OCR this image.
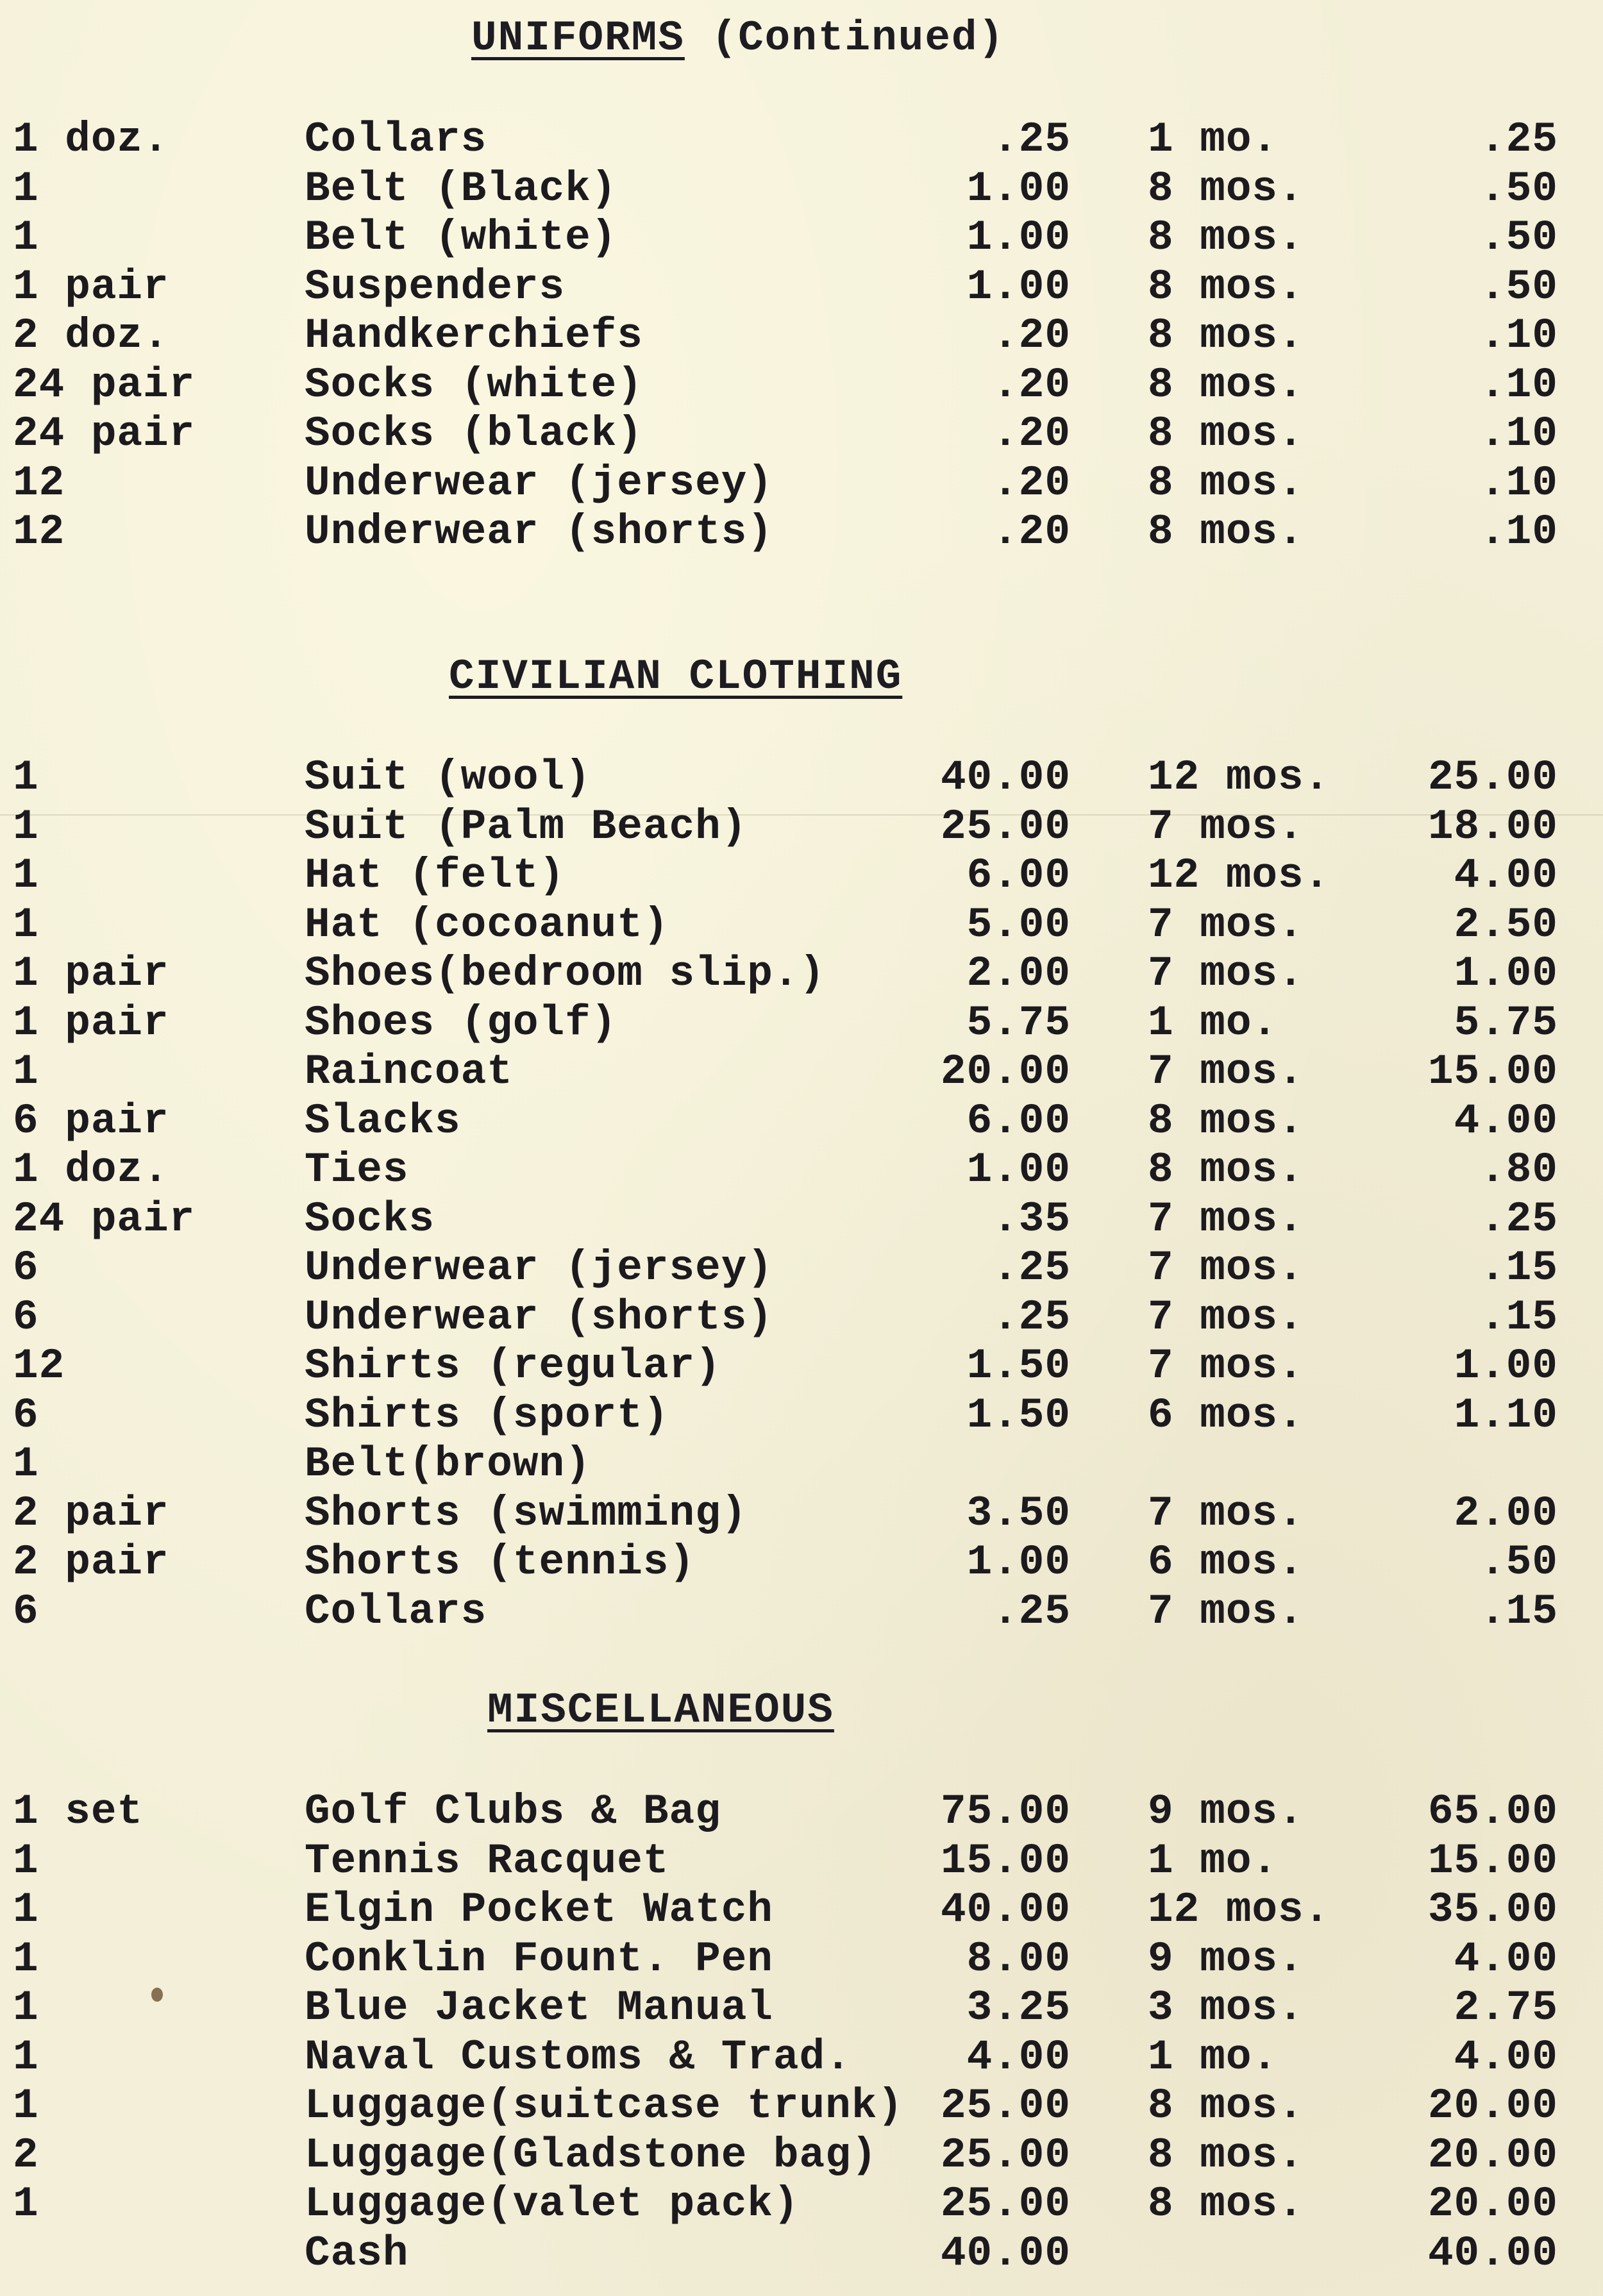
UNIFORMS (Continued)
1 doz.	Collars	.25 1 mo.	.25
1	Belt (Black)	1.00 8 mos.	.50
1	Belt (white)	1.00 8 mos.	.50
1 pair	Suspenders	1.00 8 mos.	.50
2 doz.	Handkerchiefs	.20 8 mos.	.10
24 pair	Socks (white)	.20 8 mos.	.10
24 pair	Socks (black)	.20 8 mos.	.10
12	Underwear (jersey)	.20 8 mos.	.10
12	Underwear (shorts)	.20 8 mos.	.10
CIVILIAN CLOTHING
1	Suit (wool)	40.00 12 mos. 25.00
1	Suit (Palm Beach)	25.00 7 mos.	18.00
1	Hat (felt)	6.00 12 mos.	4.00
1	Hat (cocoanut)	5.00 7 mos.	2.50
1 pair	Shoes(bedroom slip.)	2.00 7 mos.	1.00
1 pair	Shoes (golf)	5.75 1 mo.	5.75
1	Raincoat	20.00 7 mos.	15.00
6 pair	Slacks	6.00 8 mos.	4.00
1 doz.	Ties	1.00 8 mos.	.80
24 pair	Socks	.35 7 mos.	.25
6	Underwear (jersey)	.25 7 mos.	.15
6	Underwear (shorts)	.25 7 mos.	.15
12	Shirts (regular)	1.50 7 mos.	1.00
6	Shirts (sport)	1.50 6 mos.	1.10
1	Belt(brown)
2 pair	Shorts (swimming)	3.50 7 mos.	2.00
2 pair	Shorts (tennis)	1.00 6 mos.	.50
6	Collars	.25 7 mos.	.15
MISCELLANEOUS
1 set	Golf Clubs & Bag	75.00 9 mos.	65.00
1	Tennis Racquet	15.00 1 mo.	15.00
1	Elgin Pocket Watch	40.00 12 mos. 35.00
1	Conklin Fount. Pen	8.00 9 mos.	4.00
1	Blue Jacket Manual	3.25 3 mos.	2.75
1	Naval Customs & Trad.	4.00 1 mo.	4.00
1	Luggage(suitcase trunk) 25.00 8 mos.	20.00
2	Luggage(Gladstone bag) 25.00 8 mos.	20.00
1	Luggage(valet pack)	25.00 8 mos.	20.00
Cash	40.00	40.00
